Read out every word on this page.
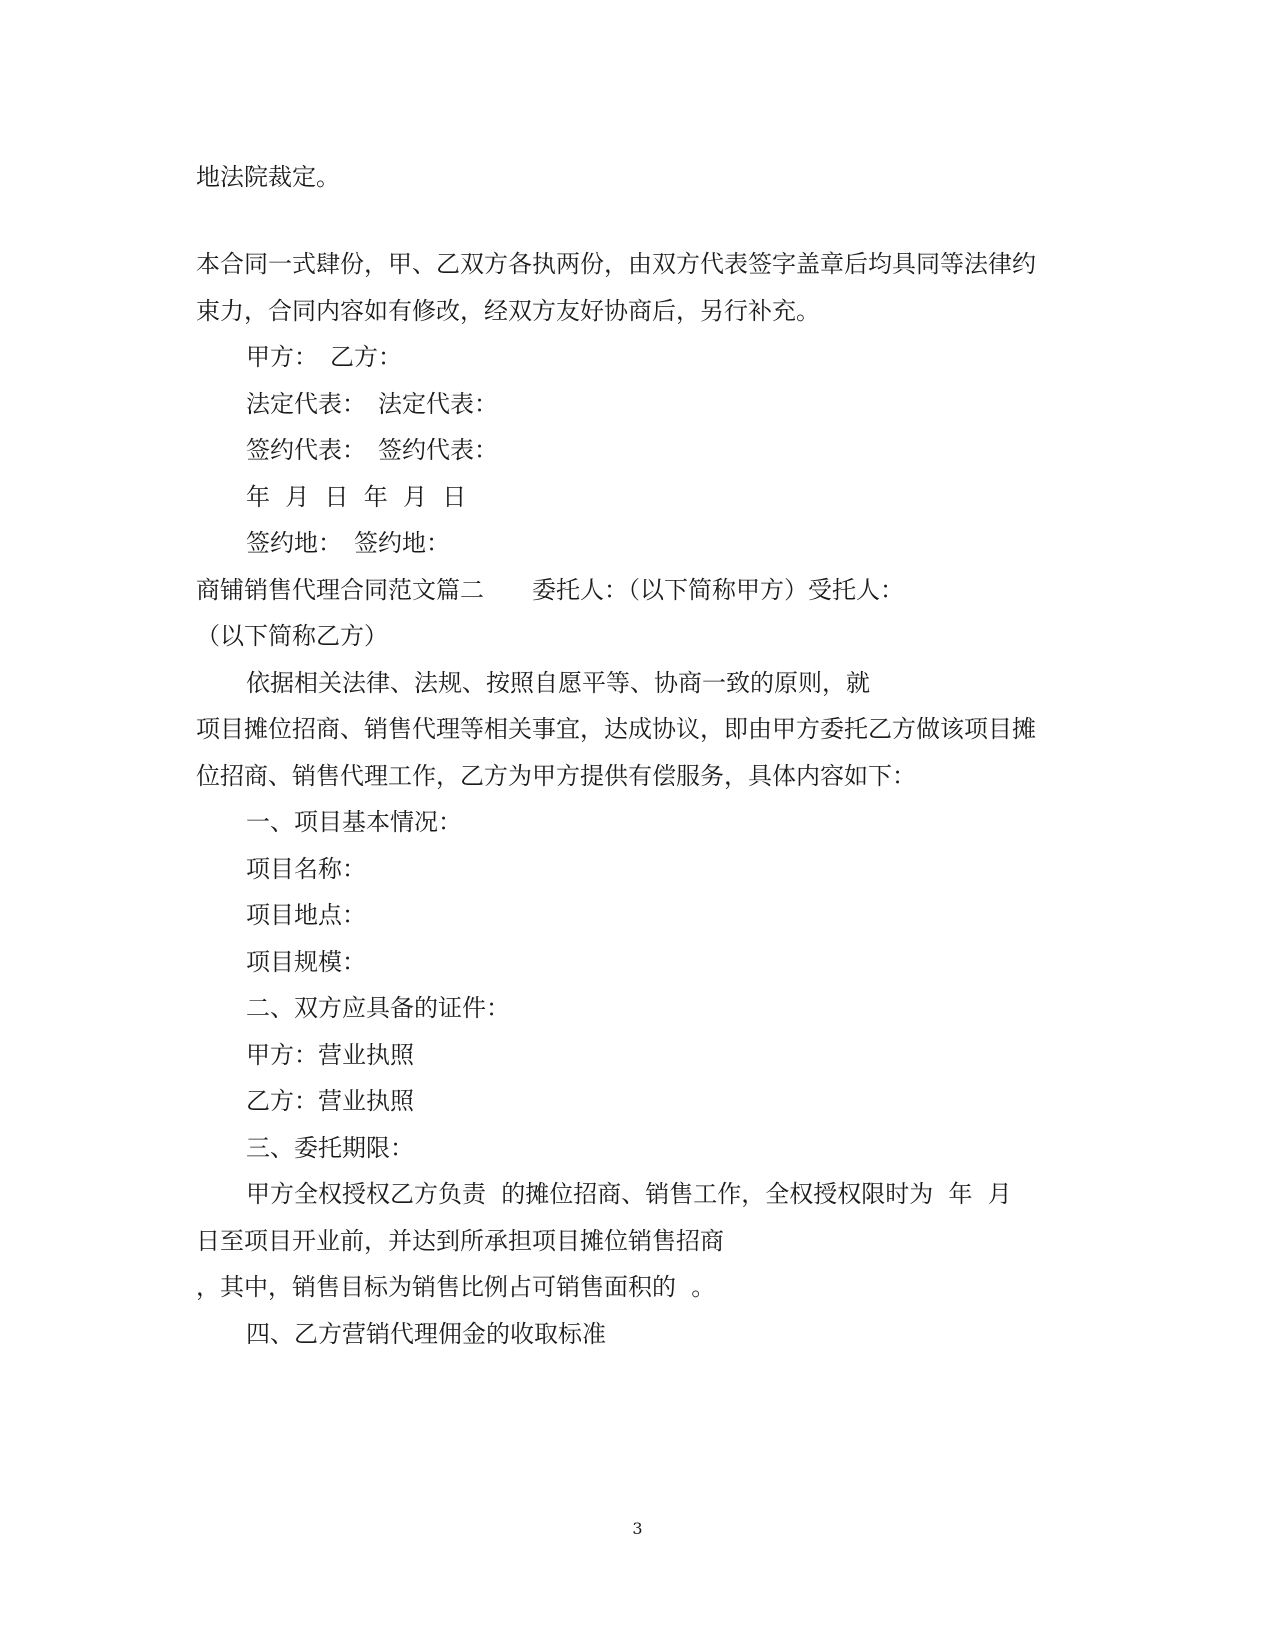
地法院裁定。
本合同一式肆份，甲、乙双方各执两份，由双方代表签字盖章后均具同等法律约
束力，合同内容如有修改，经双方友好协商后，另行补充。
甲方：　乙方：
法定代表：　法定代表：
签约代表：　签约代表：
年  月  日  年  月  日
签约地：　签约地：
商铺销售代理合同范文篇二　　委托人：（以下简称甲方）受托人：
（以下简称乙方）
依据相关法律、法规、按照自愿平等、协商一致的原则，就
项目摊位招商、销售代理等相关事宜，达成协议，即由甲方委托乙方做该项目摊
位招商、销售代理工作，乙方为甲方提供有偿服务，具体内容如下：
一、项目基本情况：
项目名称：
项目地点：
项目规模：
二、双方应具备的证件：
甲方：营业执照
乙方：营业执照
三、委托期限：
甲方全权授权乙方负责  的摊位招商、销售工作，全权授权限时为  年  月
日至项目开业前，并达到所承担项目摊位销售招商
，其中，销售目标为销售比例占可销售面积的  。
四、乙方营销代理佣金的收取标准
3
